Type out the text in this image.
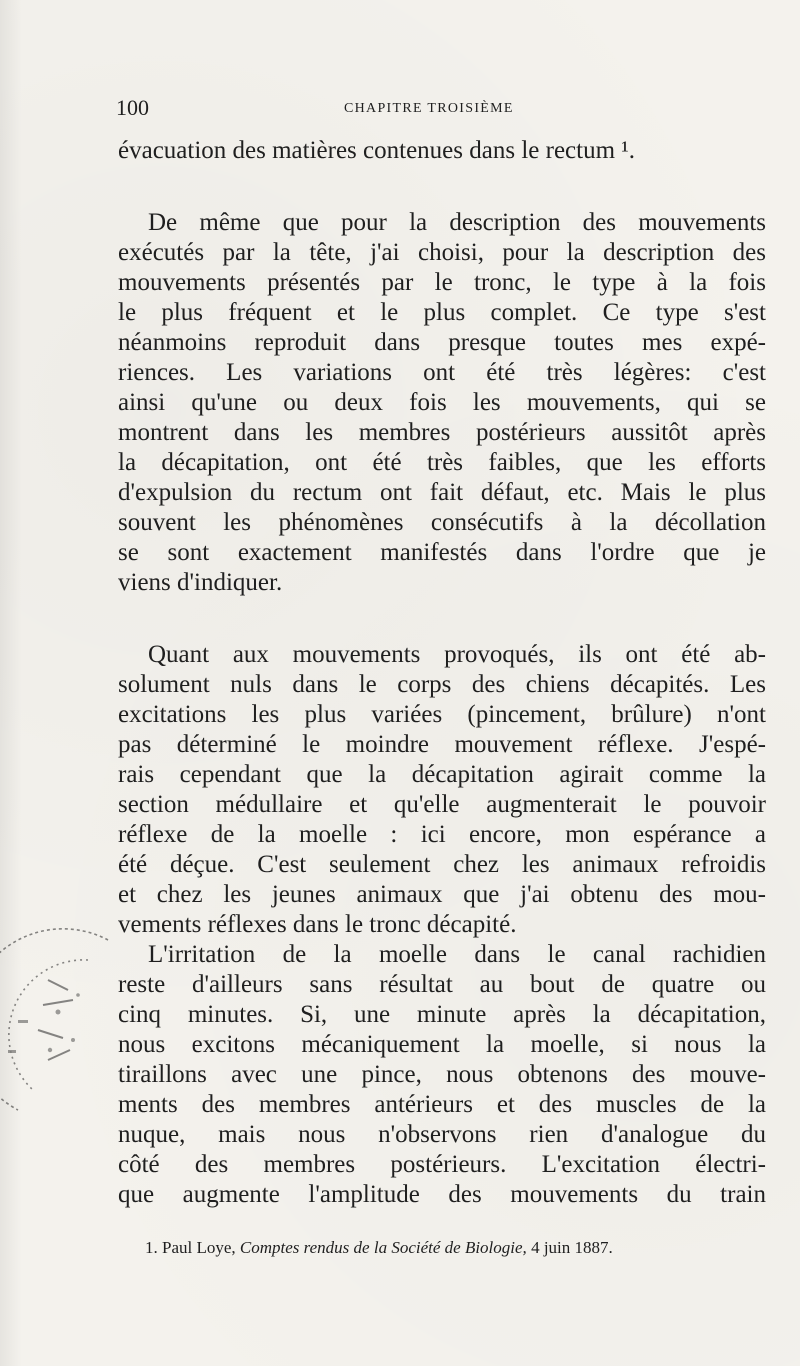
100	CHAPITRE TROISIÈME
évacuation des matières contenues dans le rectum ¹.
De même que pour la description des mouvements
exécutés par la tête, j'ai choisi, pour la description des
mouvements présentés par le tronc, le type à la fois
le plus fréquent et le plus complet. Ce type s'est
néanmoins reproduit dans presque toutes mes expé-
riences. Les variations ont été très légères: c'est
ainsi qu'une ou deux fois les mouvements, qui se
montrent dans les membres postérieurs aussitôt après
la décapitation, ont été très faibles, que les efforts
d'expulsion du rectum ont fait défaut, etc. Mais le plus
souvent les phénomènes consécutifs à la décollation
se sont exactement manifestés dans l'ordre que je
viens d'indiquer.
Quant aux mouvements provoqués, ils ont été ab-
solument nuls dans le corps des chiens décapités. Les
excitations les plus variées (pincement, brûlure) n'ont
pas déterminé le moindre mouvement réflexe. J'espé-
rais cependant que la décapitation agirait comme la
section médullaire et qu'elle augmenterait le pouvoir
réflexe de la moelle : ici encore, mon espérance a
été déçue. C'est seulement chez les animaux refroidis
et chez les jeunes animaux que j'ai obtenu des mou-
vements réflexes dans le tronc décapité.
L'irritation de la moelle dans le canal rachidien
reste d'ailleurs sans résultat au bout de quatre ou
cinq minutes. Si, une minute après la décapitation,
nous excitons mécaniquement la moelle, si nous la
tiraillons avec une pince, nous obtenons des mouve-
ments des membres antérieurs et des muscles de la
nuque, mais nous n'observons rien d'analogue du
côté des membres postérieurs. L'excitation électri-
que augmente l'amplitude des mouvements du train
1. Paul Loye, Comptes rendus de la Société de Biologie, 4 juin 1887.
